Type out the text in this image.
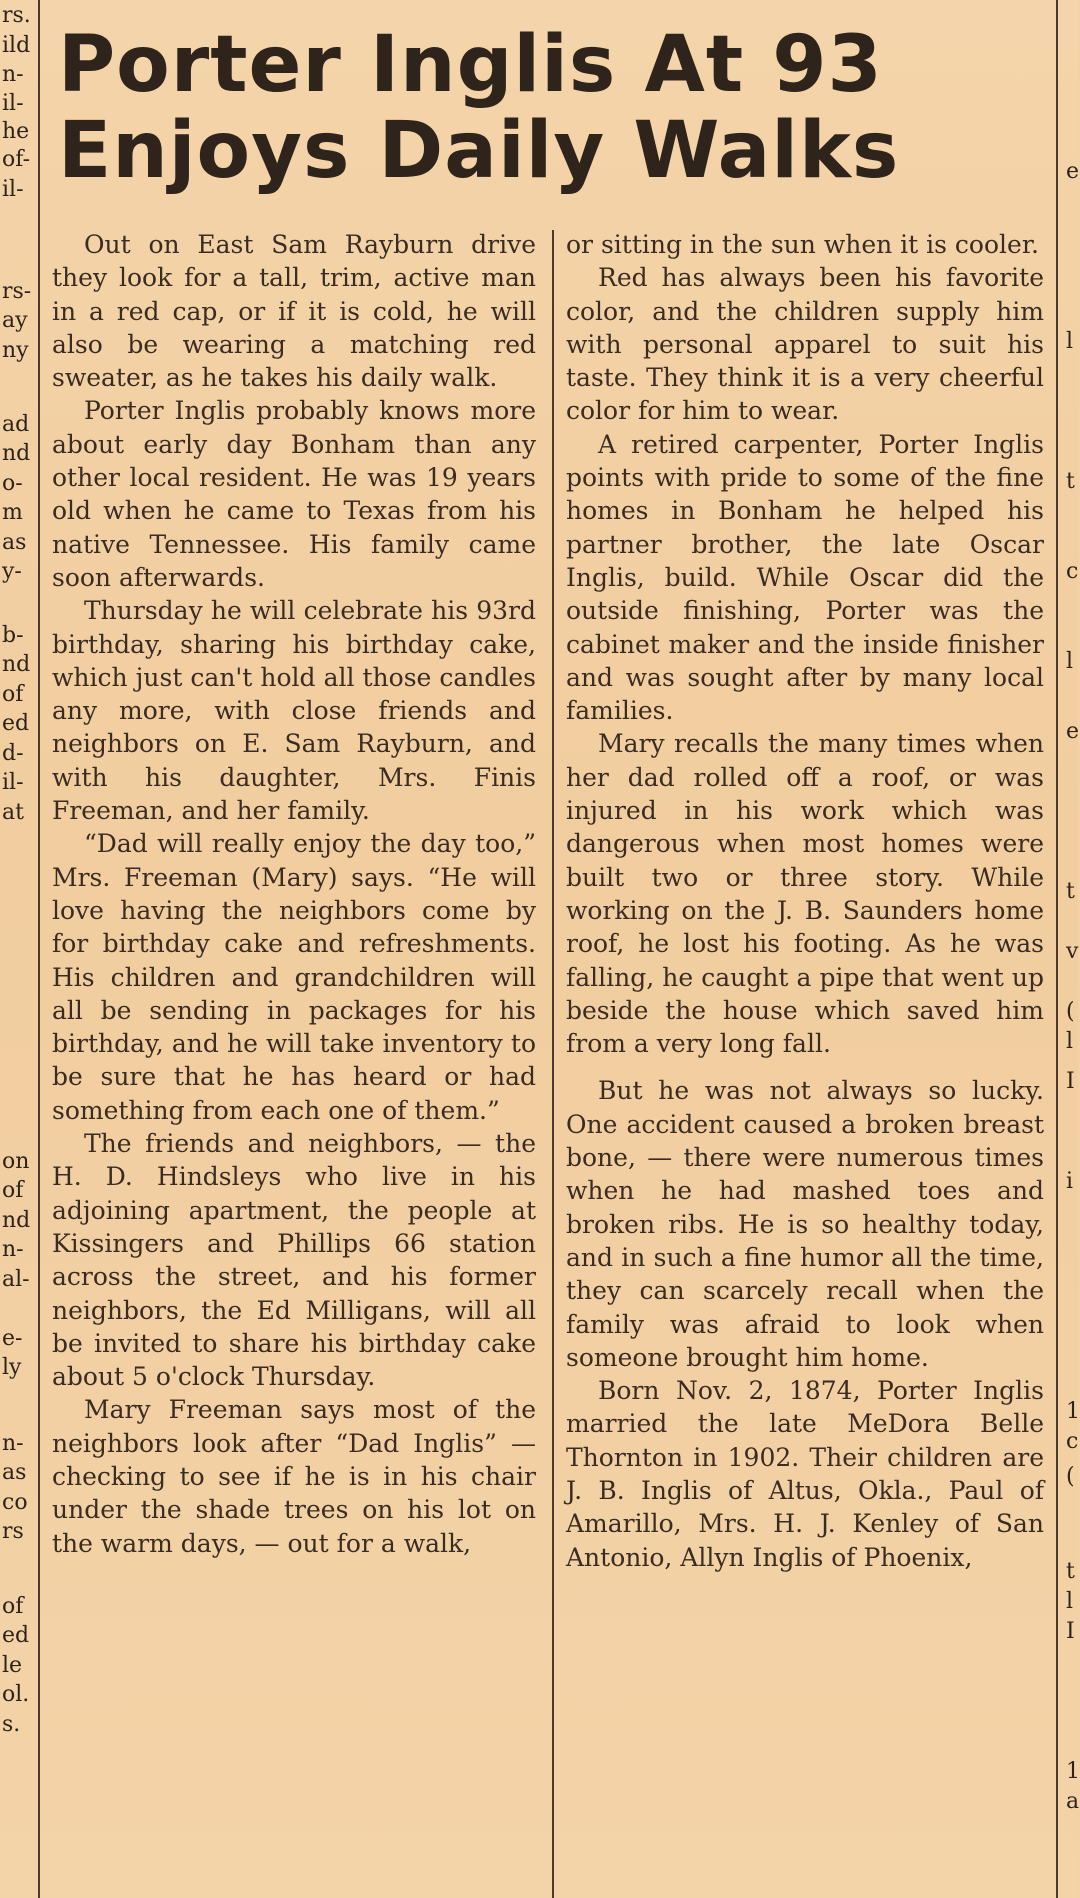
rs.
ild
n-
il-
he
of-
il-
rs-
ay
ny
ad
nd
o-
m
as
y-
b-
nd
of
ed
d-
il-
at
on
of
nd
n-
al-
e-
ly
n-
as
co
rs
of
ed
le
ol.
s.
Porter Inglis At 93
Enjoys Daily Walks

Out on East Sam Rayburn drive they look for a tall, trim, active man in a red cap, or if it is cold, he will also be wearing a matching red sweater, as he takes his daily walk.

Porter Inglis probably knows more about early day Bonham than any other local resident. He was 19 years old when he came to Texas from his native Tennessee. His family came soon afterwards.

Thursday he will celebrate his 93rd birthday, sharing his birthday cake, which just can't hold all those candles any more, with close friends and neighbors on E. Sam Rayburn, and with his daughter, Mrs. Finis Freeman, and her family.

“Dad will really enjoy the day too,” Mrs. Freeman (Mary) says. “He will love having the neighbors come by for birthday cake and refreshments. His children and grandchildren will all be sending in packages for his birthday, and he will take inventory to be sure that he has heard or had something from each one of them.”

The friends and neighbors, — the H. D. Hindsleys who live in his adjoining apartment, the people at Kissingers and Phillips 66 station across the street, and his former neighbors, the Ed Milligans, will all be invited to share his birthday cake about 5 o'clock Thursday.

Mary Freeman says most of the neighbors look after “Dad Inglis” — checking to see if he is in his chair under the shade trees on his lot on the warm days, — out for a walk,

or sitting in the sun when it is cooler.

Red has always been his favorite color, and the children supply him with personal apparel to suit his taste. They think it is a very cheerful color for him to wear.

A retired carpenter, Porter Inglis points with pride to some of the fine homes in Bonham he helped his partner brother, the late Oscar Inglis, build. While Oscar did the outside finishing, Porter was the cabinet maker and the inside finisher and was sought after by many local families.

Mary recalls the many times when her dad rolled off a roof, or was injured in his work which was dangerous when most homes were built two or three story. While working on the J. B. Saunders home roof, he lost his footing. As he was falling, he caught a pipe that went up beside the house which saved him from a very long fall.

But he was not always so lucky. One accident caused a broken breast bone, — there were numerous times when he had mashed toes and broken ribs. He is so healthy today, and in such a fine humor all the time, they can scarcely recall when the family was afraid to look when someone brought him home.

Born Nov. 2, 1874, Porter Inglis married the late MeDora Belle Thornton in 1902. Their children are J. B. Inglis of Altus, Okla., Paul of Amarillo, Mrs. H. J. Kenley of San Antonio, Allyn Inglis of Phoenix,

e
l
t
c
l
e
t
v
(
l
I
i
1
c
(
t
l
I
1
a
